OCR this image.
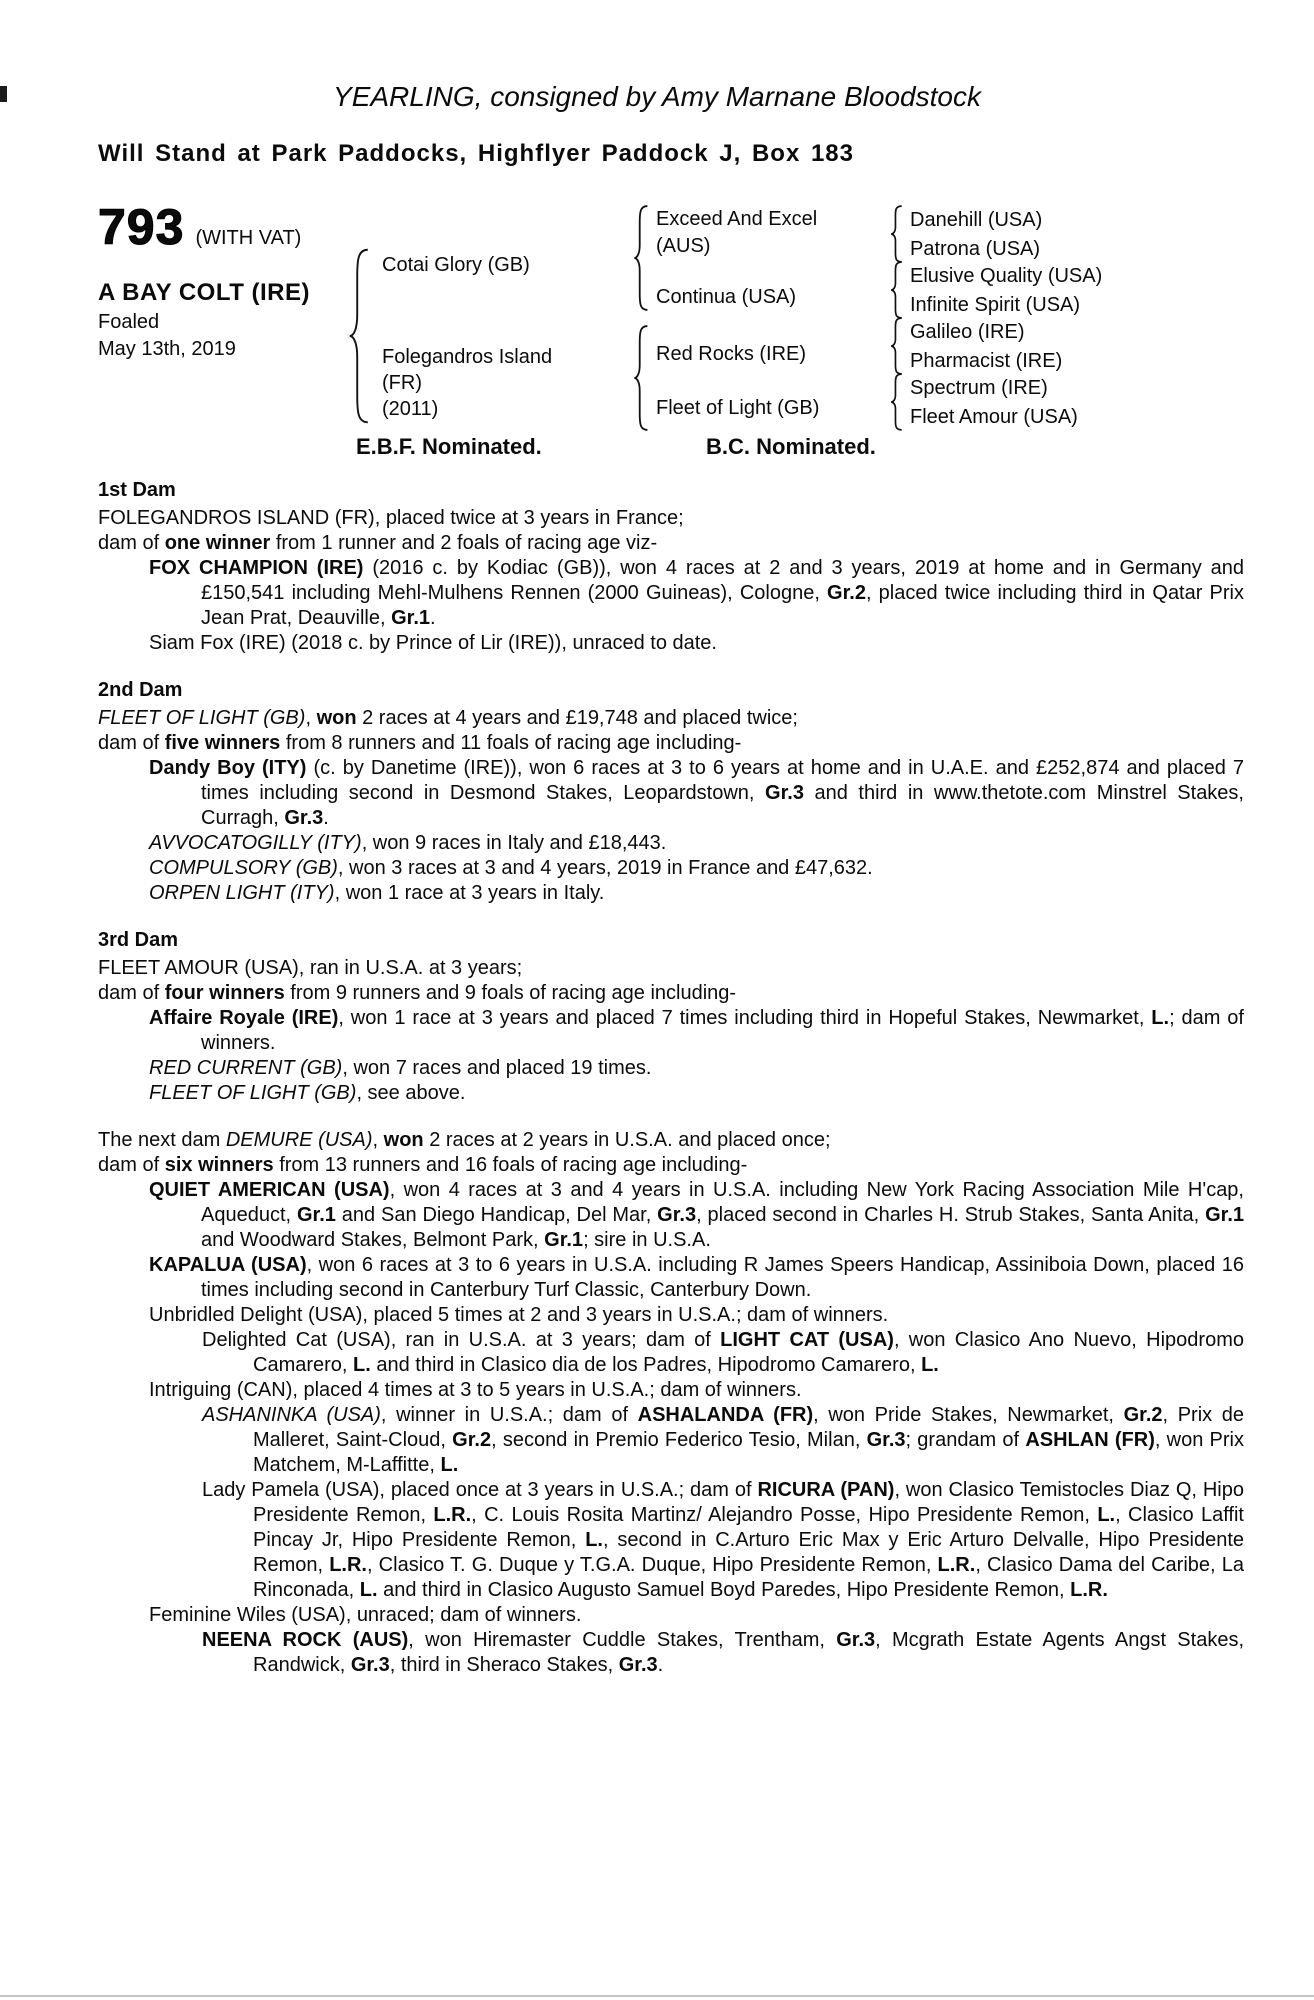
YEARLING, consigned by Amy Marnane Bloodstock
Will Stand at Park Paddocks, Highflyer Paddock J, Box 183
793 (WITH VAT)
A BAY COLT (IRE)
Foaled
May 13th, 2019
Cotai Glory (GB)
Folegandros Island (FR)
(2011)
Exceed And Excel (AUS)
Continua (USA)
Red Rocks (IRE)
Fleet of Light (GB)
Danehill (USA)
Patrona (USA)
Elusive Quality (USA)
Infinite Spirit (USA)
Galileo (IRE)
Pharmacist (IRE)
Spectrum (IRE)
Fleet Amour (USA)
E.B.F. Nominated.	B.C. Nominated.
1st Dam
FOLEGANDROS ISLAND (FR), placed twice at 3 years in France;
dam of one winner from 1 runner and 2 foals of racing age viz-
FOX CHAMPION (IRE) (2016 c. by Kodiac (GB)), won 4 races at 2 and 3 years, 2019 at home and in Germany and £150,541 including Mehl-Mulhens Rennen (2000 Guineas), Cologne, Gr.2, placed twice including third in Qatar Prix Jean Prat, Deauville, Gr.1.
Siam Fox (IRE) (2018 c. by Prince of Lir (IRE)), unraced to date.
2nd Dam
FLEET OF LIGHT (GB), won 2 races at 4 years and £19,748 and placed twice;
dam of five winners from 8 runners and 11 foals of racing age including-
Dandy Boy (ITY) (c. by Danetime (IRE)), won 6 races at 3 to 6 years at home and in U.A.E. and £252,874 and placed 7 times including second in Desmond Stakes, Leopardstown, Gr.3 and third in www.thetote.com Minstrel Stakes, Curragh, Gr.3.
AVVOCATOGILLY (ITY), won 9 races in Italy and £18,443.
COMPULSORY (GB), won 3 races at 3 and 4 years, 2019 in France and £47,632.
ORPEN LIGHT (ITY), won 1 race at 3 years in Italy.
3rd Dam
FLEET AMOUR (USA), ran in U.S.A. at 3 years;
dam of four winners from 9 runners and 9 foals of racing age including-
Affaire Royale (IRE), won 1 race at 3 years and placed 7 times including third in Hopeful Stakes, Newmarket, L.; dam of winners.
RED CURRENT (GB), won 7 races and placed 19 times.
FLEET OF LIGHT (GB), see above.
The next dam DEMURE (USA), won 2 races at 2 years in U.S.A. and placed once;
dam of six winners from 13 runners and 16 foals of racing age including-
QUIET AMERICAN (USA), won 4 races at 3 and 4 years in U.S.A. including New York Racing Association Mile H'cap, Aqueduct, Gr.1 and San Diego Handicap, Del Mar, Gr.3, placed second in Charles H. Strub Stakes, Santa Anita, Gr.1 and Woodward Stakes, Belmont Park, Gr.1; sire in U.S.A.
KAPALUA (USA), won 6 races at 3 to 6 years in U.S.A. including R James Speers Handicap, Assiniboia Down, placed 16 times including second in Canterbury Turf Classic, Canterbury Down.
Unbridled Delight (USA), placed 5 times at 2 and 3 years in U.S.A.; dam of winners.
Delighted Cat (USA), ran in U.S.A. at 3 years; dam of LIGHT CAT (USA), won Clasico Ano Nuevo, Hipodromo Camarero, L. and third in Clasico dia de los Padres, Hipodromo Camarero, L.
Intriguing (CAN), placed 4 times at 3 to 5 years in U.S.A.; dam of winners.
ASHANINKA (USA), winner in U.S.A.; dam of ASHALANDA (FR), won Pride Stakes, Newmarket, Gr.2, Prix de Malleret, Saint-Cloud, Gr.2, second in Premio Federico Tesio, Milan, Gr.3; grandam of ASHLAN (FR), won Prix Matchem, M-Laffitte, L.
Lady Pamela (USA), placed once at 3 years in U.S.A.; dam of RICURA (PAN), won Clasico Temistocles Diaz Q, Hipo Presidente Remon, L.R., C. Louis Rosita Martinz/ Alejandro Posse, Hipo Presidente Remon, L., Clasico Laffit Pincay Jr, Hipo Presidente Remon, L., second in C.Arturo Eric Max y Eric Arturo Delvalle, Hipo Presidente Remon, L.R., Clasico T. G. Duque y T.G.A. Duque, Hipo Presidente Remon, L.R., Clasico Dama del Caribe, La Rinconada, L. and third in Clasico Augusto Samuel Boyd Paredes, Hipo Presidente Remon, L.R.
Feminine Wiles (USA), unraced; dam of winners.
NEENA ROCK (AUS), won Hiremaster Cuddle Stakes, Trentham, Gr.3, Mcgrath Estate Agents Angst Stakes, Randwick, Gr.3, third in Sheraco Stakes, Gr.3.
